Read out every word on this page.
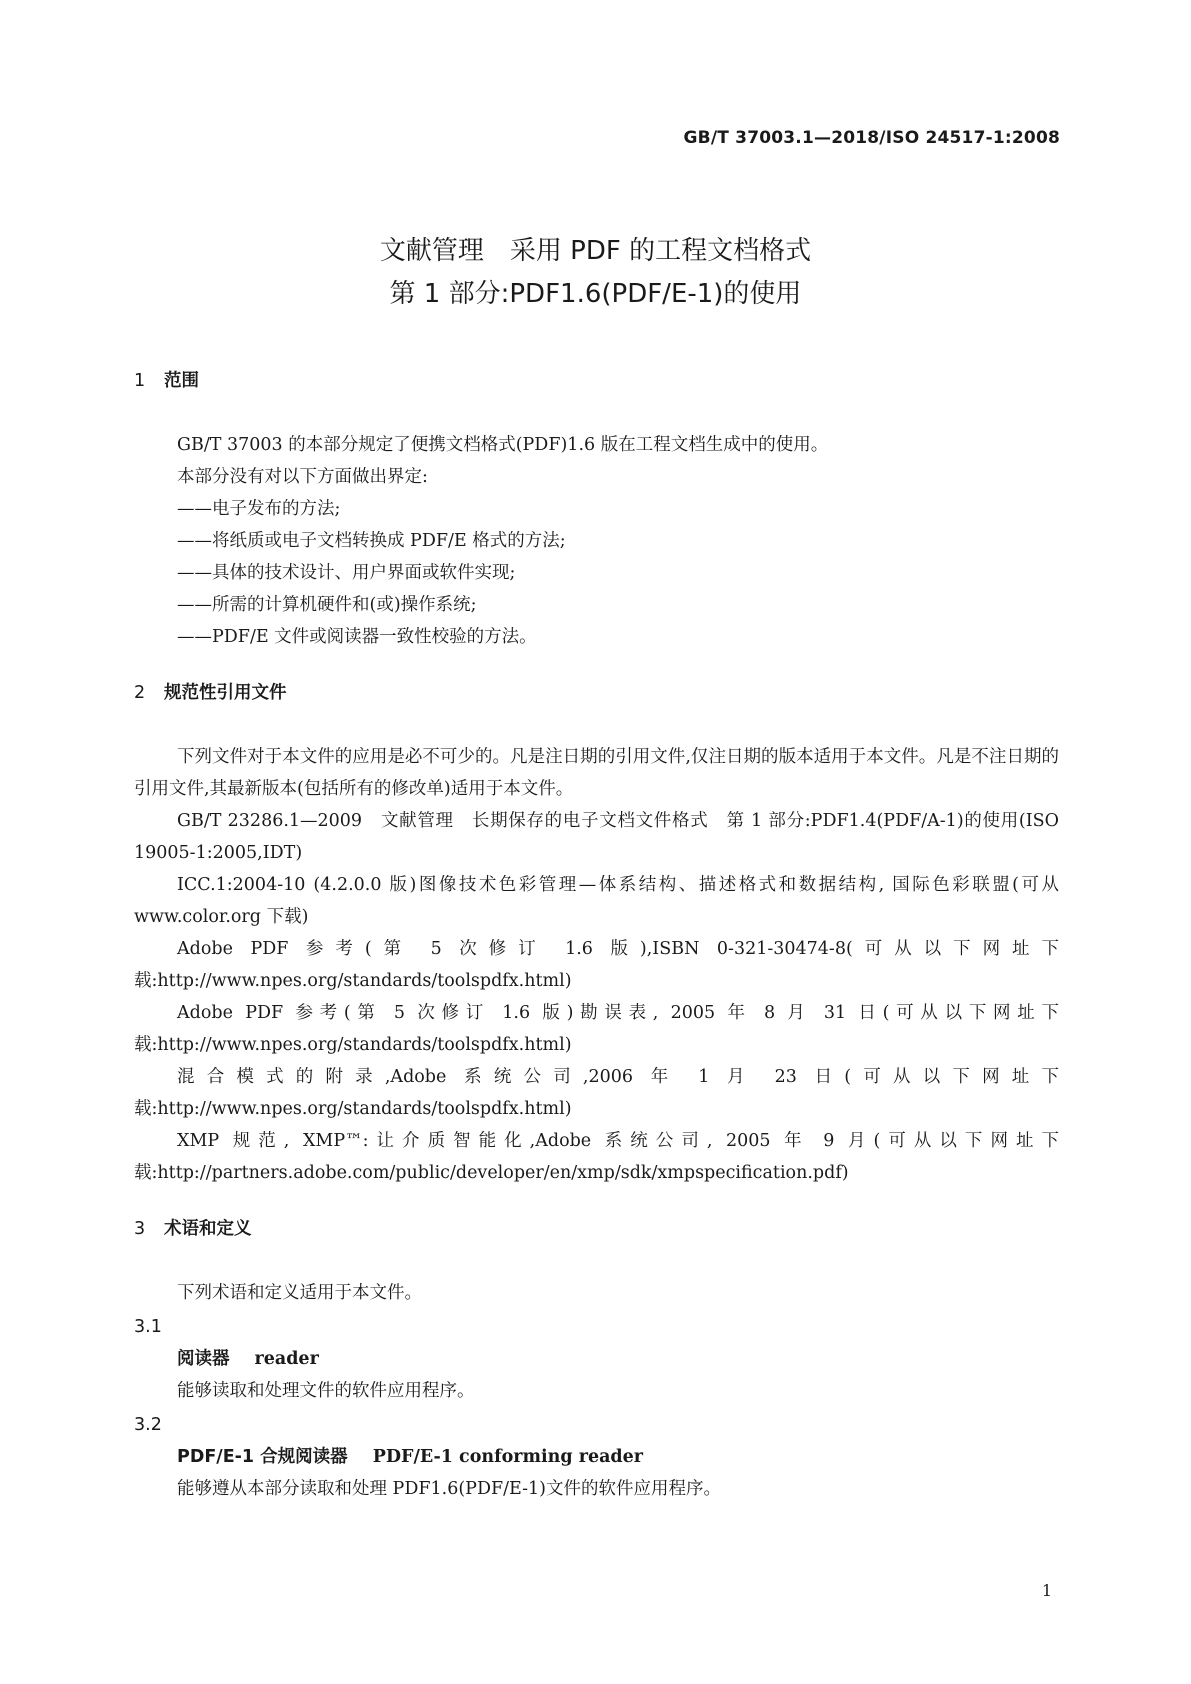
GB/T 37003.1—2018/ISO 24517-1:2008
文献管理　采用 PDF 的工程文档格式
第 1 部分:PDF1.6(PDF/E-1)的使用
1 范围

GB/T 37003 的本部分规定了便携文档格式(PDF)1.6 版在工程文档生成中的使用。

本部分没有对以下方面做出界定:

——电子发布的方法;
——将纸质或电子文档转换成 PDF/E 格式的方法;
——具体的技术设计、用户界面或软件实现;
——所需的计算机硬件和(或)操作系统;
——PDF/E 文件或阅读器一致性校验的方法。
2 规范性引用文件

下列文件对于本文件的应用是必不可少的。凡是注日期的引用文件,仅注日期的版本适用于本文件。凡是不注日期的引用文件,其最新版本(包括所有的修改单)适用于本文件。

GB/T 23286.1—2009　文献管理　长期保存的电子文档文件格式　第 1 部分:PDF1.4(PDF/A-1)的使用(ISO 19005-1:2005,IDT)

ICC.1:2004-10 (4.2.0.0 版)图像技术色彩管理—体系结构、描述格式和数据结构, 国际色彩联盟(可从 www.color.org 下载)

Adobe PDF 参考(第 5 次修订 1.6 版),ISBN 0-321-30474-8(可从以下网址下载:http://www.npes.org/standards/toolspdfx.html)

Adobe PDF 参考(第 5 次修订 1.6 版)勘误表, 2005 年 8 月 31 日(可从以下网址下载:http://www.npes.org/standards/toolspdfx.html)

混合模式的附录,Adobe 系统公司,2006 年 1 月 23 日(可从以下网址下载:http://www.npes.org/standards/toolspdfx.html)

XMP 规范, XMP™:让介质智能化,Adobe 系统公司, 2005 年 9 月(可从以下网址下载:http://partners.adobe.com/public/developer/en/xmp/sdk/xmpspecification.pdf)

3 术语和定义

下列术语和定义适用于本文件。

3.1
阅读器 reader
能够读取和处理文件的软件应用程序。
3.2
PDF/E-1 合规阅读器 PDF/E-1 conforming reader
能够遵从本部分读取和处理 PDF1.6(PDF/E-1)文件的软件应用程序。
1
